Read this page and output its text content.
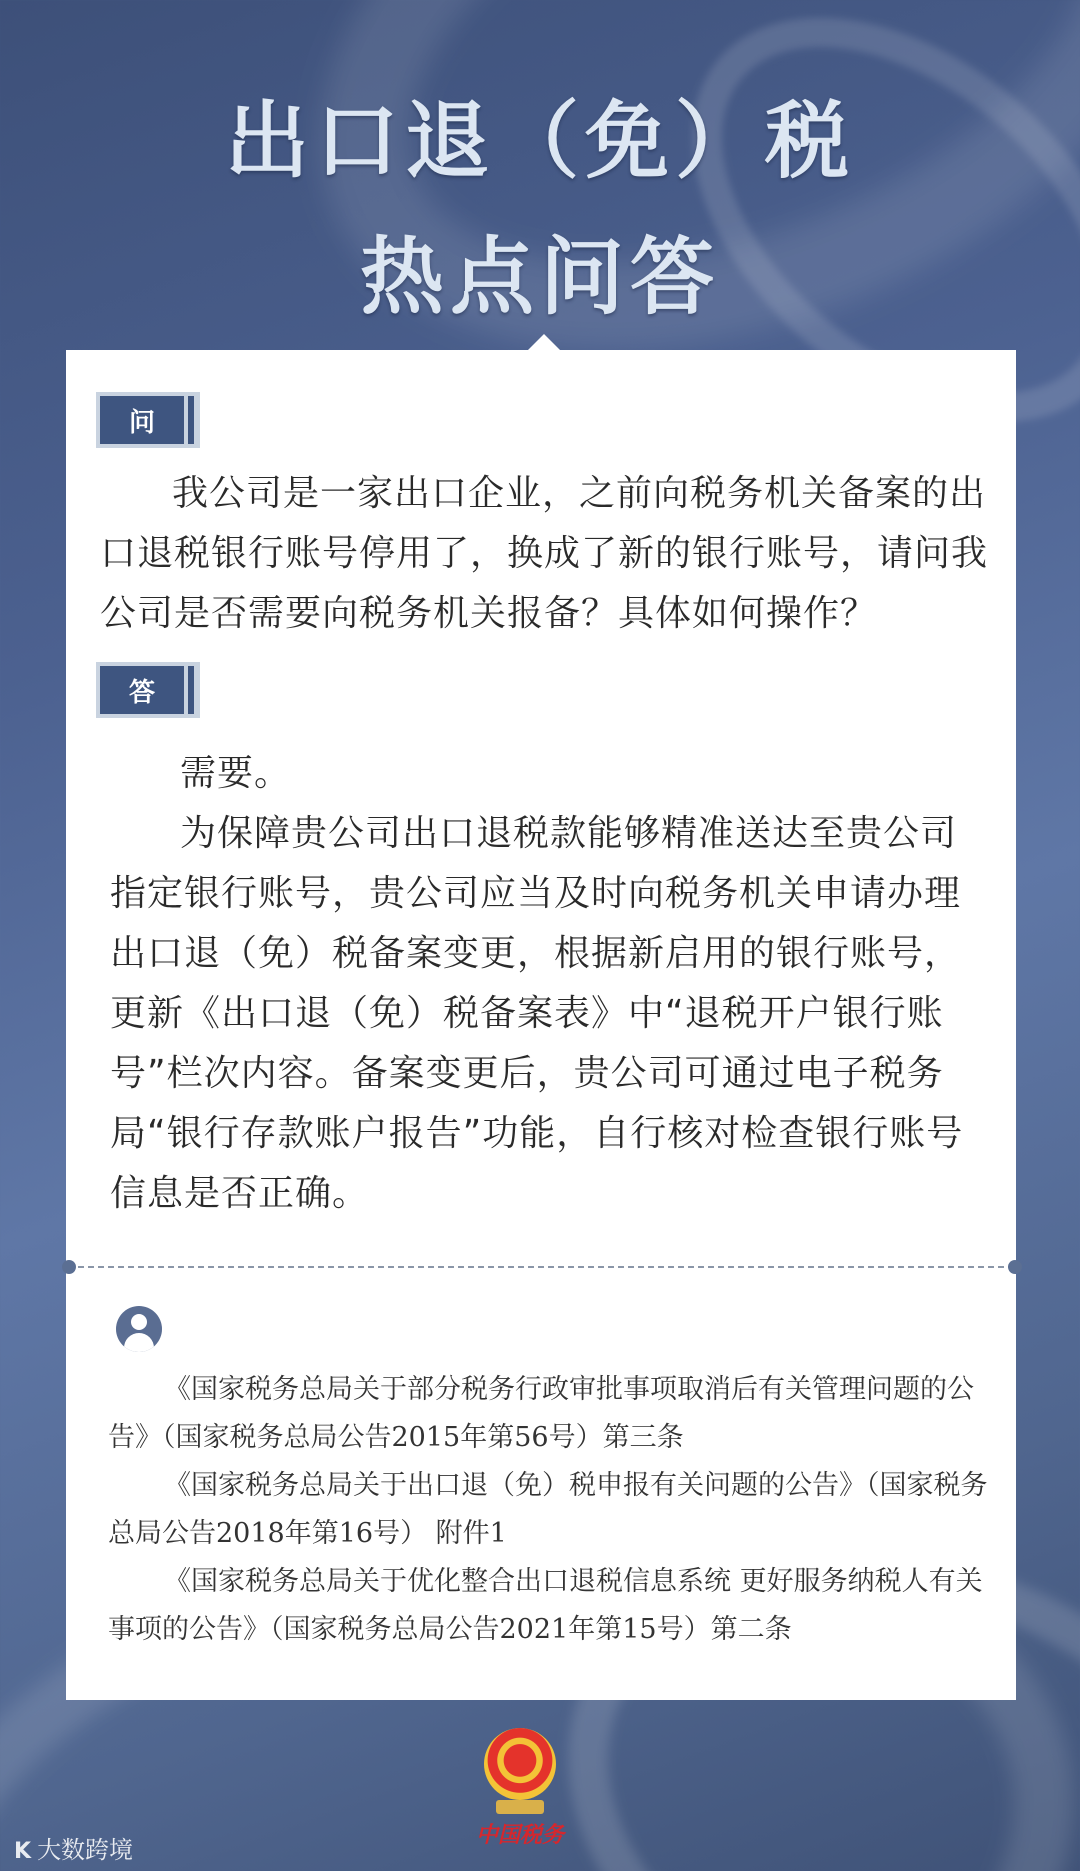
出口退（免）税
热点问答
问

我公司是一家出口企业，之前向税务机关备案的出口退税银行账号停用了，换成了新的银行账号，请问我公司是否需要向税务机关报备？具体如何操作？

答

需要。

为保障贵公司出口退税款能够精准送达至贵公司指定银行账号，贵公司应当及时向税务机关申请办理出口退（免）税备案变更，根据新启用的银行账号，更新《出口退（免）税备案表》中“退税开户银行账号”栏次内容。备案变更后，贵公司可通过电子税务局“银行存款账户报告”功能，自行核对检查银行账号信息是否正确。

《国家税务总局关于部分税务行政审批事项取消后有关管理问题的公告》（国家税务总局公告2015年第56号）第三条

《国家税务总局关于出口退（免）税申报有关问题的公告》（国家税务总局公告2018年第16号） 附件1

《国家税务总局关于优化整合出口退税信息系统 更好服务纳税人有关事项的公告》（国家税务总局公告2021年第15号）第二条

中国税务
K 大数跨境
